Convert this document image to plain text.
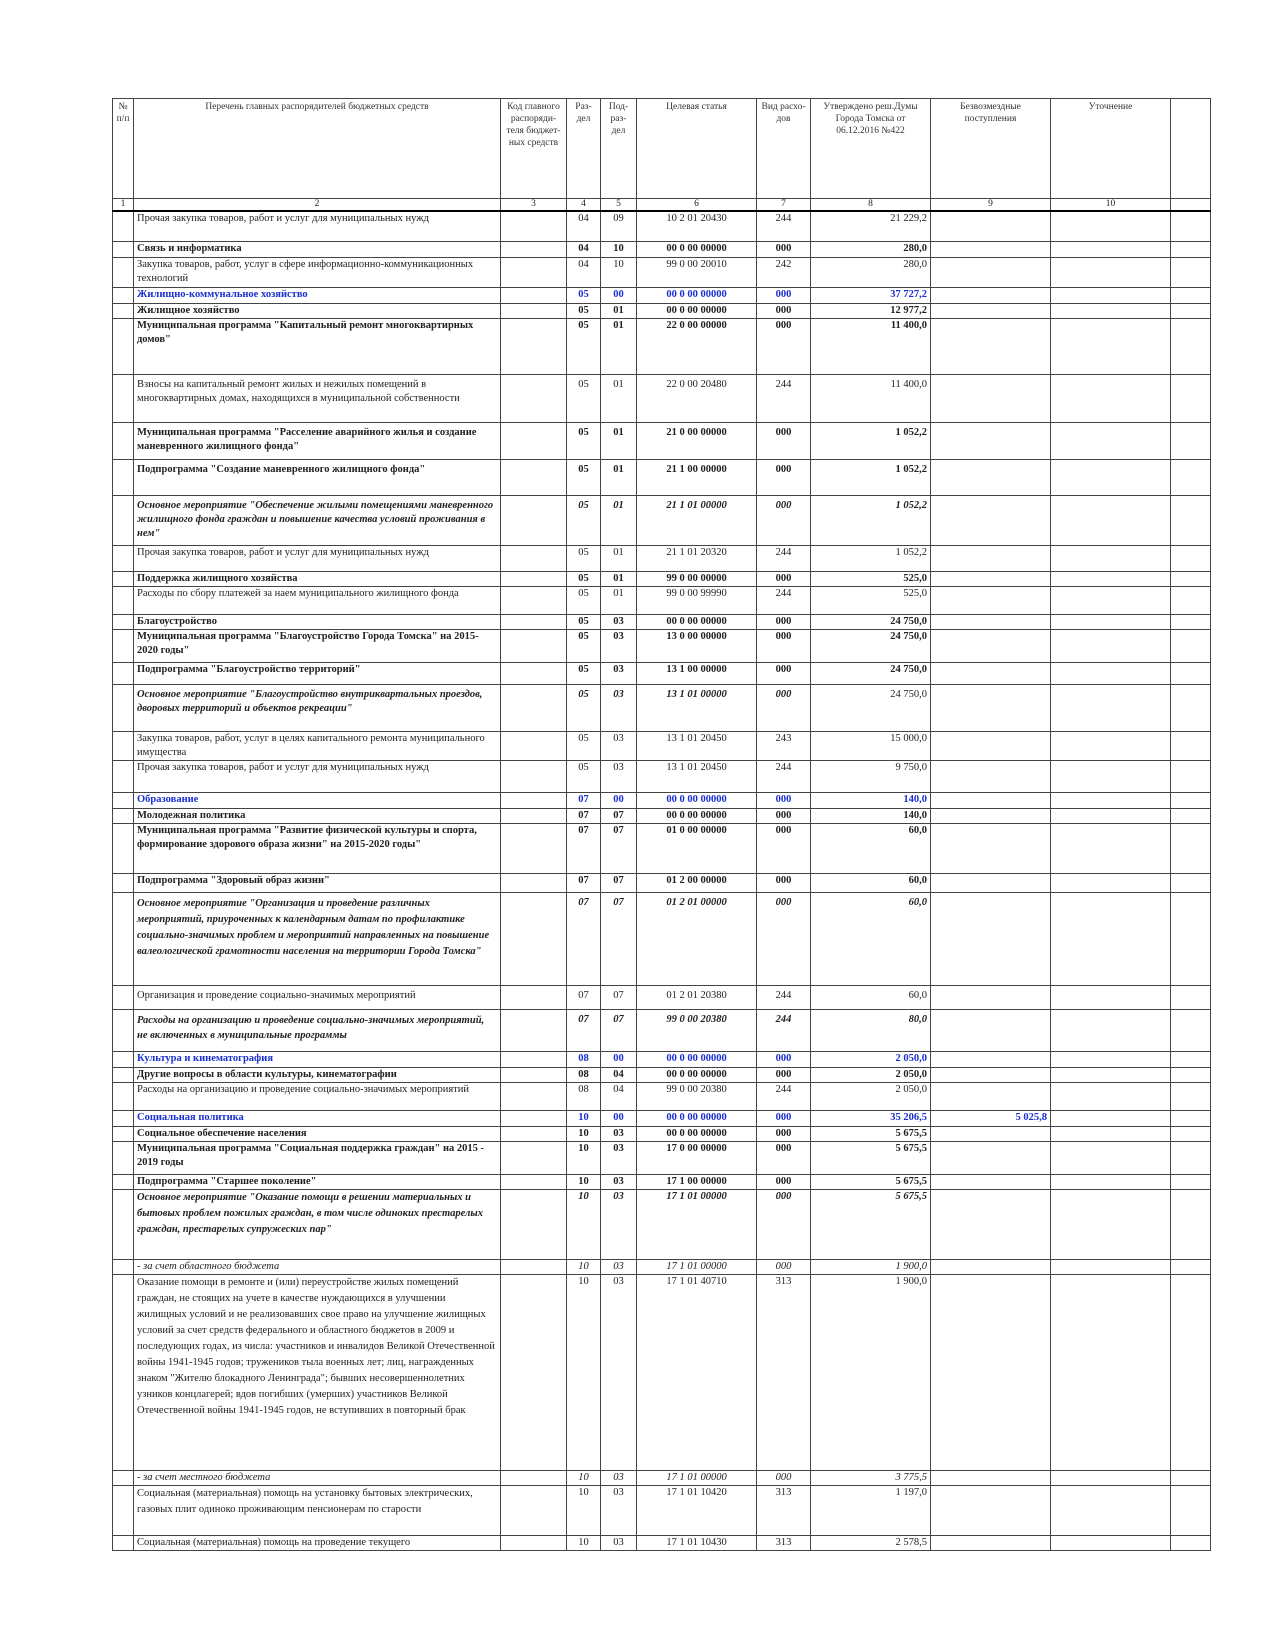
№ п/п	Перечень главных распорядителей бюджетных средств	Код главного распоряди- теля бюджет- ных средств	Раз- дел	Под- раз- дел	Целевая статья	Вид расхо- дов	Утверждено реш.Думы Города Томска от 06.12.2016 №422	Безвозмездные поступления	Уточнение	
1	2	3	4	5	6	7	8	9	10	
	Прочая закупка товаров, работ и услуг для муниципальных нужд		04	09	10 2 01 20430	244	21 229,2			
	Связь и информатика		04	10	00 0 00 00000	000	280,0			
	Закупка товаров, работ, услуг в сфере информационно-коммуникационных технологий		04	10	99 0 00 20010	242	280,0			
	Жилищно-коммунальное хозяйство		05	00	00 0 00 00000	000	37 727,2			
	Жилищное хозяйство		05	01	00 0 00 00000	000	12 977,2			
	Муниципальная программа "Капитальный ремонт многоквартирных домов"		05	01	22 0 00 00000	000	11 400,0			
	Взносы на капитальный ремонт жилых и нежилых помещений в многоквартирных домах, находящихся в муниципальной собственности		05	01	22 0 00 20480	244	11 400,0			
	Муниципальная программа "Расселение аварийного жилья и создание маневренного жилищного фонда"		05	01	21 0 00 00000	000	1 052,2			
	Подпрограмма "Создание маневренного жилищного фонда"		05	01	21 1 00 00000	000	1 052,2			
	Основное мероприятие "Обеспечение жилыми помещениями маневренного жилищного фонда граждан и повышение качества условий проживания в нем"		05	01	21 1 01 00000	000	1 052,2			
	Прочая закупка товаров, работ и услуг для муниципальных нужд		05	01	21 1 01 20320	244	1 052,2			
	Поддержка жилищного хозяйства		05	01	99 0 00 00000	000	525,0			
	Расходы по сбору платежей за наем муниципального жилищного фонда		05	01	99 0 00 99990	244	525,0			
	Благоустройство		05	03	00 0 00 00000	000	24 750,0			
	Муниципальная программа "Благоустройство Города Томска" на 2015-2020 годы"		05	03	13 0 00 00000	000	24 750,0			
	Подпрограмма "Благоустройство территорий"		05	03	13 1 00 00000	000	24 750,0			
	Основное мероприятие "Благоустройство внутриквартальных проездов, дворовых территорий и объектов рекреации"		05	03	13 1 01 00000	000	24 750,0			
	Закупка товаров, работ, услуг в целях капитального ремонта муниципального имущества		05	03	13 1 01 20450	243	15 000,0			
	Прочая закупка товаров, работ и услуг для муниципальных нужд		05	03	13 1 01 20450	244	9 750,0			
	Образование		07	00	00 0 00 00000	000	140,0			
	Молодежная политика		07	07	00 0 00 00000	000	140,0			
	Муниципальная программа "Развитие физической культуры и спорта, формирование здорового образа жизни" на 2015-2020 годы"		07	07	01 0 00 00000	000	60,0			
	Подпрограмма "Здоровый образ жизни"		07	07	01 2 00 00000	000	60,0			
	Основное мероприятие "Организация и проведение различных мероприятий, приуроченных к календарным датам по профилактике социально-значимых проблем и мероприятий направленных на повышение валеологической грамотности населения на территории Города Томска"		07	07	01 2 01 00000	000	60,0			
	Организация и проведение социально-значимых мероприятий		07	07	01 2 01 20380	244	60,0			
	Расходы на организацию и проведение социально-значимых мероприятий, не включенных в муниципальные программы		07	07	99 0 00 20380	244	80,0			
	Культура и кинематография		08	00	00 0 00 00000	000	2 050,0			
	Другие вопросы в области культуры, кинематографии		08	04	00 0 00 00000	000	2 050,0			
	Расходы на организацию и проведение социально-значимых мероприятий		08	04	99 0 00 20380	244	2 050,0			
	Социальная политика		10	00	00 0 00 00000	000	35 206,5	5 025,8		
	Социальное обеспечение населения		10	03	00 0 00 00000	000	5 675,5			
	Муниципальная программа "Социальная поддержка граждан" на 2015 - 2019 годы		10	03	17 0 00 00000	000	5 675,5			
	Подпрограмма "Старшее поколение"		10	03	17 1 00 00000	000	5 675,5			
	Основное мероприятие "Оказание помощи в решении материальных и бытовых проблем пожилых граждан, в том числе одиноких престарелых граждан, престарелых супружеских пар"		10	03	17 1 01 00000	000	5 675,5			
	- за счет областного бюджета		10	03	17 1 01 00000	000	1 900,0			
	Оказание помощи в ремонте и (или) переустройстве жилых помещений граждан, не стоящих на учете в качестве нуждающихся в улучшении жилищных условий и не реализовавших свое право на улучшение жилищных условий за счет средств федерального и областного бюджетов в 2009 и последующих годах, из числа: участников и инвалидов Великой Отечественной войны 1941-1945 годов; тружеников тыла военных лет; лиц, награжденных знаком "Жителю блокадного Ленинграда"; бывших несовершеннолетних узников концлагерей; вдов погибших (умерших) участников Великой Отечественной войны 1941-1945 годов, не вступивших в повторный брак		10	03	17 1 01 40710	313	1 900,0			
	- за счет местного бюджета		10	03	17 1 01 00000	000	3 775,5			
	Социальная (материальная) помощь на установку бытовых электрических, газовых плит одиноко проживающим пенсионерам по старости		10	03	17 1 01 10420	313	1 197,0			
	Социальная (материальная) помощь на проведение текущего		10	03	17 1 01 10430	313	2 578,5			
